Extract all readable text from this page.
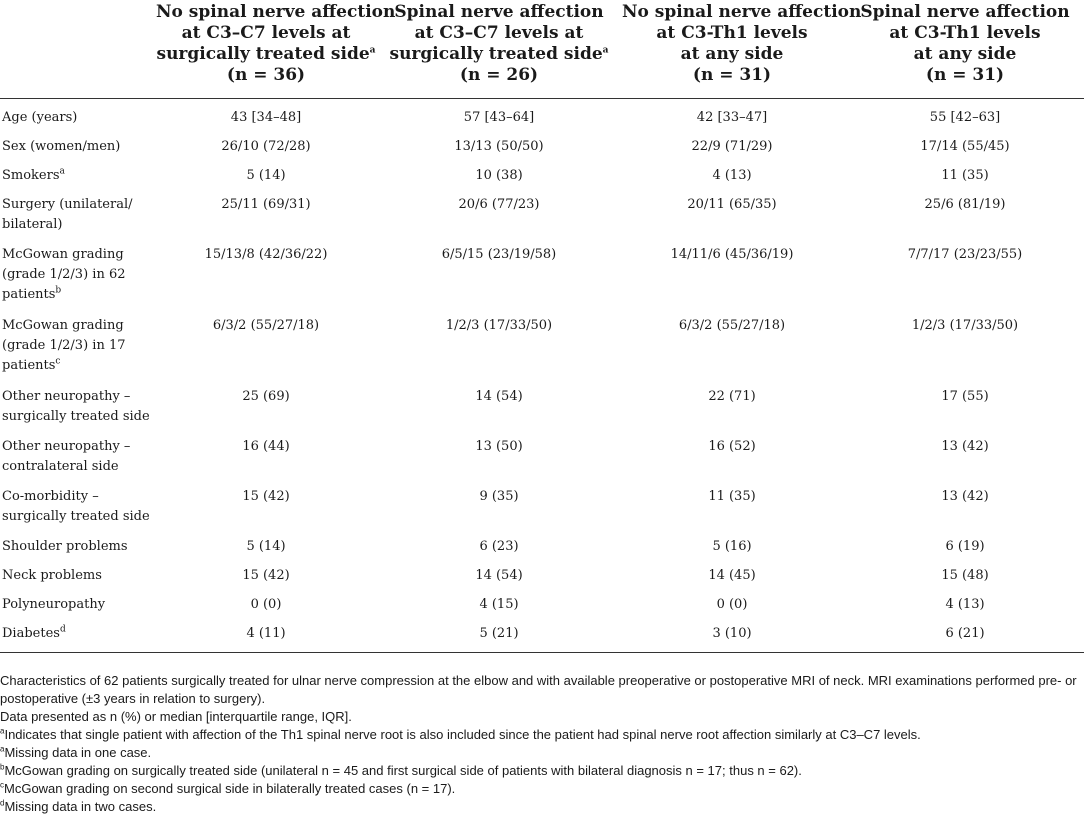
	No spinal nerve affection
at C3–C7 levels at
surgically treated side$^a$
(n = 36)	Spinal nerve affection
at C3–C7 levels at
surgically treated side$^a$
(n = 26)	No spinal nerve affection
at C3-Th1 levels
at any side
(n = 31)	Spinal nerve affection
at C3-Th1 levels
at any side
(n = 31)

Age (years)	43 [34–48]	57 [43–64]	42 [33–47]	55 [42–63]

Sex (women/men)	26/10 (72/28)	13/13 (50/50)	22/9 (71/29)	17/14 (55/45)

Smokers$^a$	5 (14)	10 (38)	4 (13)	11 (35)

Surgery (unilateral/
bilateral)	25/11 (69/31)	20/6 (77/23)	20/11 (65/35)	25/6 (81/19)

McGowan grading
(grade 1/2/3) in 62
patients$^b$	15/13/8 (42/36/22)	6/5/15 (23/19/58)	14/11/6 (45/36/19)	7/7/17 (23/23/55)

McGowan grading
(grade 1/2/3) in 17
patients$^c$	6/3/2 (55/27/18)	1/2/3 (17/33/50)	6/3/2 (55/27/18)	1/2/3 (17/33/50)

Other neuropathy –
surgically treated side	25 (69)	14 (54)	22 (71)	17 (55)

Other neuropathy –
contralateral side	16 (44)	13 (50)	16 (52)	13 (42)

Co-morbidity –
surgically treated side	15 (42)	9 (35)	11 (35)	13 (42)

Shoulder problems	5 (14)	6 (23)	5 (16)	6 (19)

Neck problems	15 (42)	14 (54)	14 (45)	15 (48)

Polyneuropathy	0 (0)	4 (15)	0 (0)	4 (13)

Diabetes$^d$	4 (11)	5 (21)	3 (10)	6 (21)

Characteristics of 62 patients surgically treated for ulnar nerve compression at the elbow and with available preoperative or postoperative MRI of neck. MRI examinations performed pre- or postoperative (±3 years in relation to surgery).

Data presented as n (%) or median [interquartile range, IQR].

$^a$Indicates that single patient with affection of the Th1 spinal nerve root is also included since the patient had spinal nerve root affection similarly at C3–C7 levels.

$^a$Missing data in one case.

$^b$McGowan grading on surgically treated side (unilateral n = 45 and first surgical side of patients with bilateral diagnosis n = 17; thus n = 62).

$^c$McGowan grading on second surgical side in bilaterally treated cases (n = 17).

$^d$Missing data in two cases.
